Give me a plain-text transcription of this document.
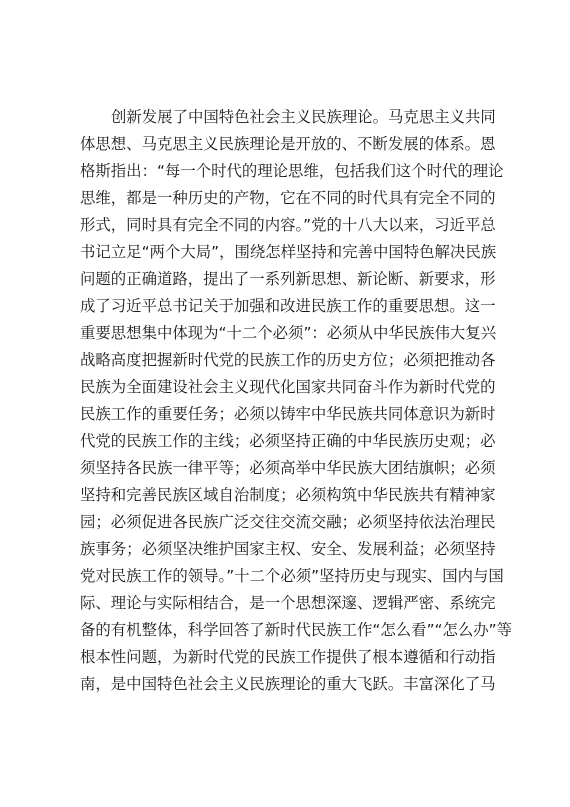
创新发展了中国特色社会主义民族理论。马克思主义共同
体思想、马克思主义民族理论是开放的、不断发展的体系。恩
格斯指出：“每一个时代的理论思维，包括我们这个时代的理论
思维，都是一种历史的产物，它在不同的时代具有完全不同的
形式，同时具有完全不同的内容。”党的十八大以来，习近平总
书记立足“两个大局”，围绕怎样坚持和完善中国特色解决民族
问题的正确道路，提出了一系列新思想、新论断、新要求，形
成了习近平总书记关于加强和改进民族工作的重要思想。这一
重要思想集中体现为“十二个必须”：必须从中华民族伟大复兴
战略高度把握新时代党的民族工作的历史方位；必须把推动各
民族为全面建设社会主义现代化国家共同奋斗作为新时代党的
民族工作的重要任务；必须以铸牢中华民族共同体意识为新时
代党的民族工作的主线；必须坚持正确的中华民族历史观；必
须坚持各民族一律平等；必须高举中华民族大团结旗帜；必须
坚持和完善民族区域自治制度；必须构筑中华民族共有精神家
园；必须促进各民族广泛交往交流交融；必须坚持依法治理民
族事务；必须坚决维护国家主权、安全、发展利益；必须坚持
党对民族工作的领导。”十二个必须”坚持历史与现实、国内与国
际、理论与实际相结合，是一个思想深邃、逻辑严密、系统完
备的有机整体，科学回答了新时代民族工作“怎么看”“怎么办”等
根本性问题，为新时代党的民族工作提供了根本遵循和行动指
南，是中国特色社会主义民族理论的重大飞跃。丰富深化了马
